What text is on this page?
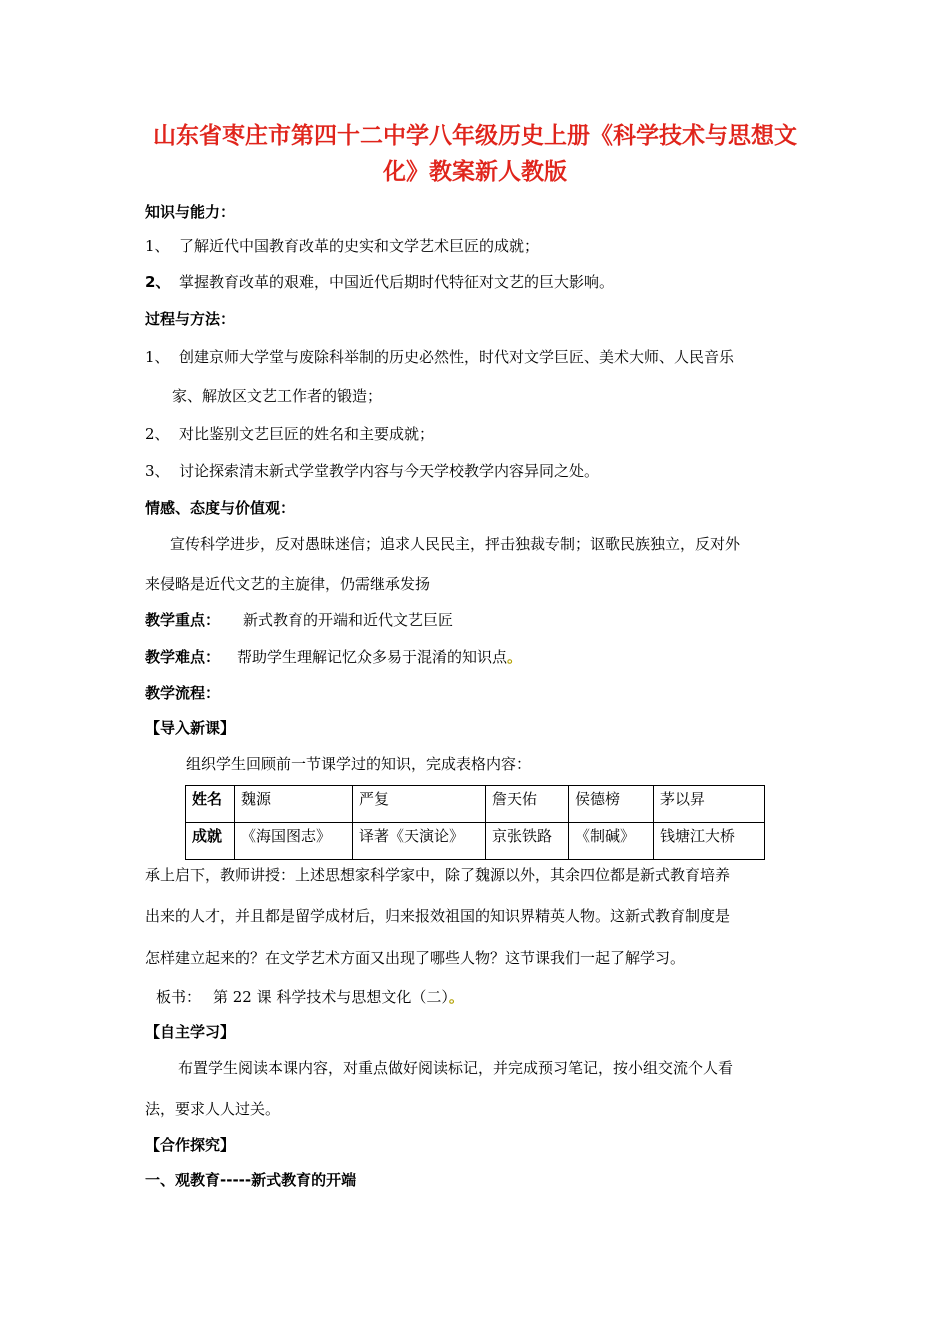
山东省枣庄市第四十二中学八年级历史上册《科学技术与思想文
化》教案新人教版
知识与能力：
1、 了解近代中国教育改革的史实和文学艺术巨匠的成就；
2、 掌握教育改革的艰难，中国近代后期时代特征对文艺的巨大影响。
过程与方法：
1、 创建京师大学堂与废除科举制的历史必然性，时代对文学巨匠、美术大师、人民音乐
家、解放区文艺工作者的锻造；
2、 对比鉴别文艺巨匠的姓名和主要成就；
3、 讨论探索清末新式学堂教学内容与今天学校教学内容异同之处。
情感、态度与价值观：
宣传科学进步，反对愚昧迷信；追求人民民主，抨击独裁专制；讴歌民族独立，反对外
来侵略是近代文艺的主旋律，仍需继承发扬
教学重点： 新式教育的开端和近代文艺巨匠
教学难点： 帮助学生理解记忆众多易于混淆的知识点。
教学流程：
【导入新课】
组织学生回顾前一节课学过的知识，完成表格内容：
姓名	魏源	严复	詹天佑	侯德榜	茅以昇
成就	《海国图志》	译著《天演论》	京张铁路	《制碱》	钱塘江大桥
承上启下，教师讲授：上述思想家科学家中，除了魏源以外，其余四位都是新式教育培养
出来的人才，并且都是留学成材后，归来报效祖国的知识界精英人物。这新式教育制度是
怎样建立起来的？在文学艺术方面又出现了哪些人物？这节课我们一起了解学习。
板书： 第 22 课 科学技术与思想文化（二）。
【自主学习】
布置学生阅读本课内容，对重点做好阅读标记，并完成预习笔记，按小组交流个人看
法，要求人人过关。
【合作探究】
一、观教育-----新式教育的开端
